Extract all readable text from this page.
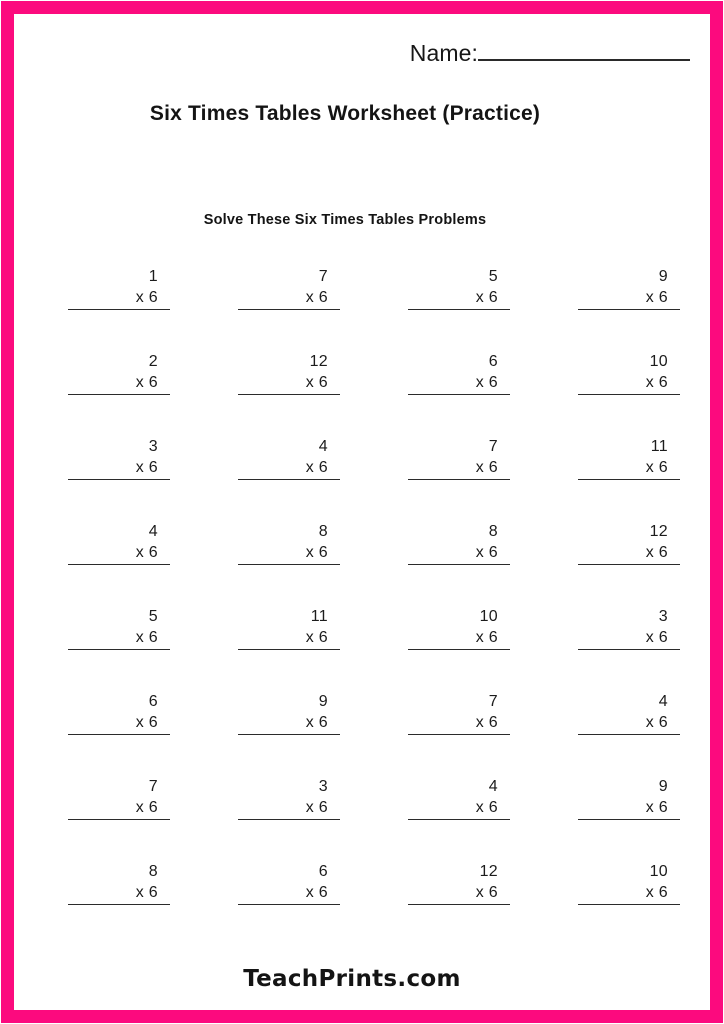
Name:
Six Times Tables Worksheet (Practice)
Solve These Six Times Tables Problems
1
x 6
7
x 6
5
x 6
9
x 6
2
x 6
12
x 6
6
x 6
10
x 6
3
x 6
4
x 6
7
x 6
11
x 6
4
x 6
8
x 6
8
x 6
12
x 6
5
x 6
11
x 6
10
x 6
3
x 6
6
x 6
9
x 6
7
x 6
4
x 6
7
x 6
3
x 6
4
x 6
9
x 6
8
x 6
6
x 6
12
x 6
10
x 6
TeachPrints.com
